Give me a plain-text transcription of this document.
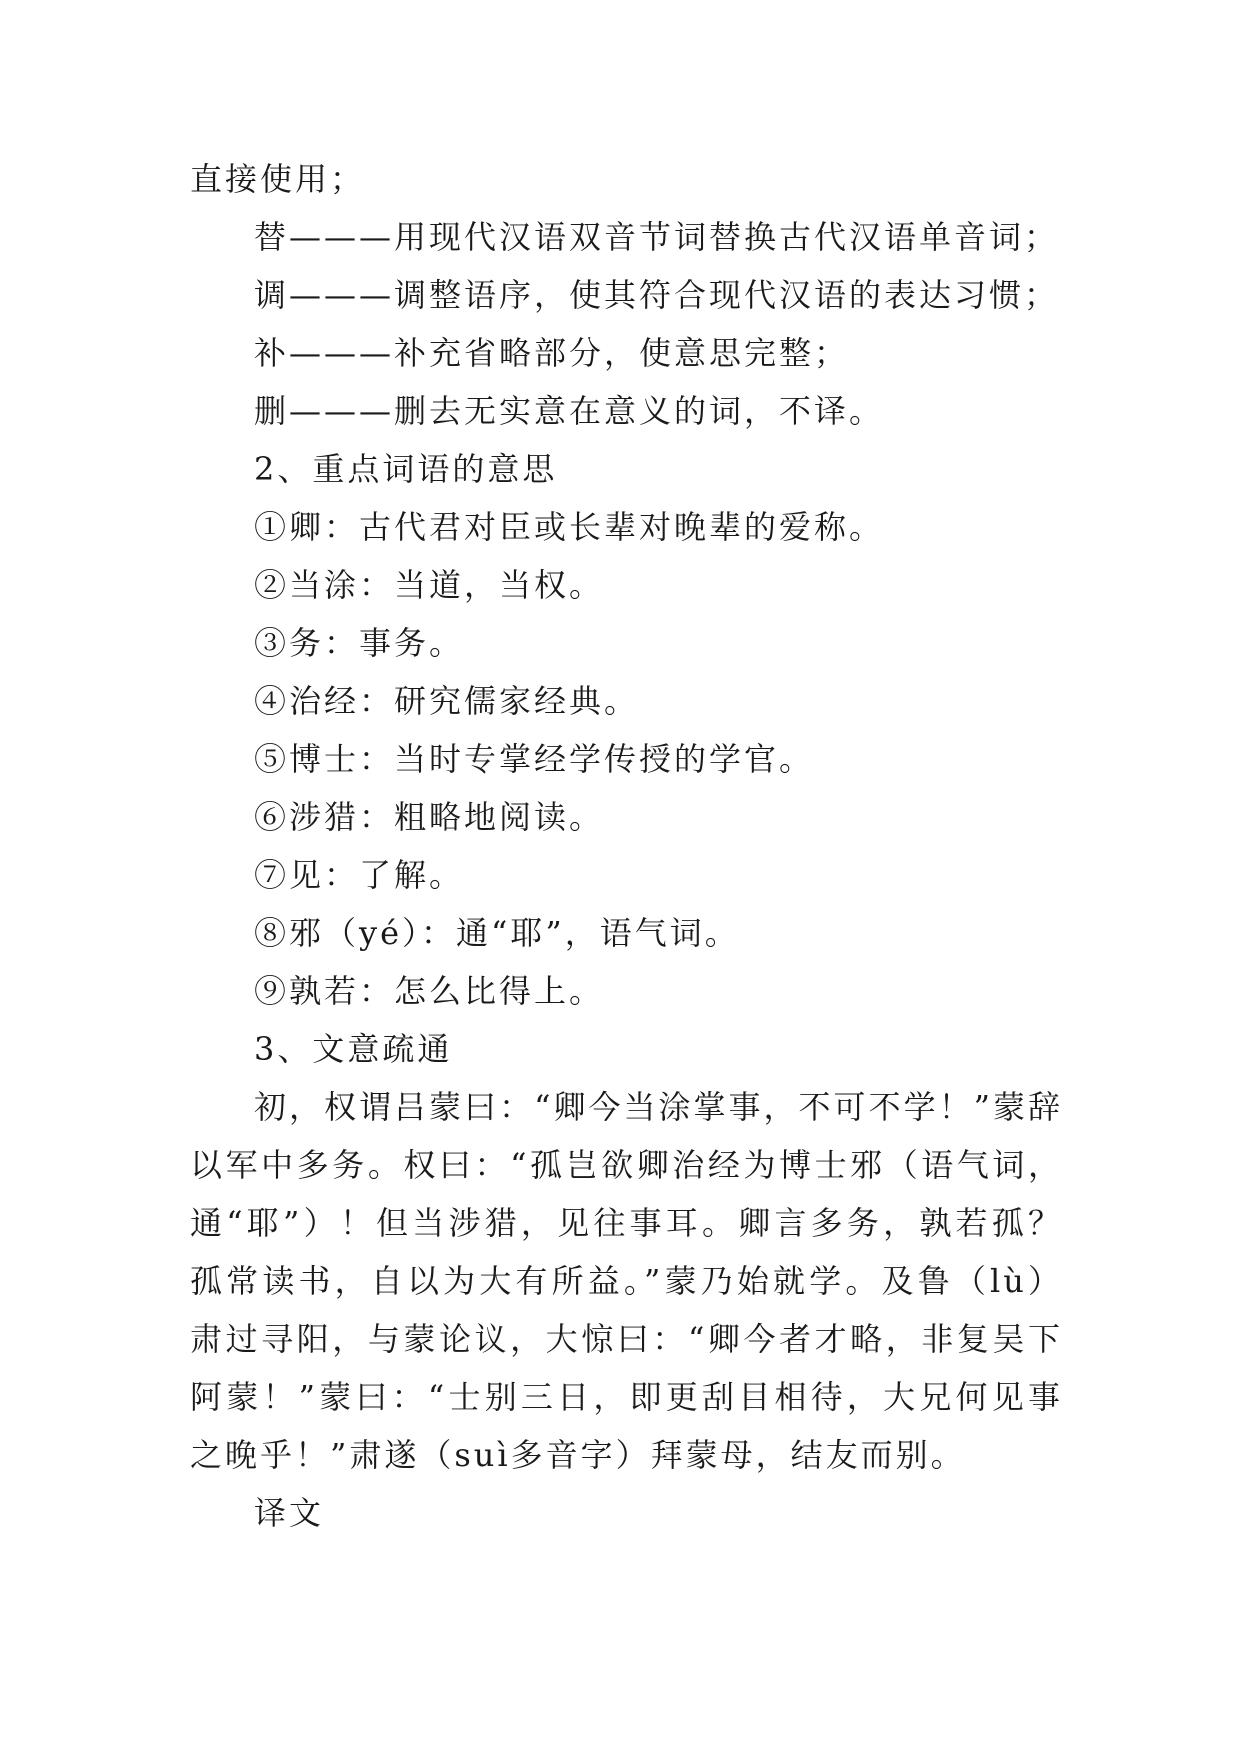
直接使用；

替———用现代汉语双音节词替换古代汉语单音词；

调———调整语序，使其符合现代汉语的表达习惯；

补———补充省略部分，使意思完整；

删———删去无实意在意义的词，不译。

2、重点词语的意思

①卿：古代君对臣或长辈对晚辈的爱称。

②当涂：当道，当权。

③务：事务。

④治经：研究儒家经典。

⑤博士：当时专掌经学传授的学官。

⑥涉猎：粗略地阅读。

⑦见：了解。

⑧邪（yé）：通“耶”，语气词。

⑨孰若：怎么比得上。

3、文意疏通

初，权谓吕蒙曰：“卿今当涂掌事，不可不学！”蒙辞以军中多务。权曰：“孤岂欲卿治经为博士邪（语气词，通“耶”）！但当涉猎，见往事耳。卿言多务，孰若孤？孤常读书，自以为大有所益。”蒙乃始就学。及鲁（lù）肃过寻阳，与蒙论议，大惊曰：“卿今者才略，非复吴下阿蒙！”蒙曰：“士别三日，即更刮目相待，大兄何见事之晚乎！”肃遂（suì多音字）拜蒙母，结友而别。

译文
